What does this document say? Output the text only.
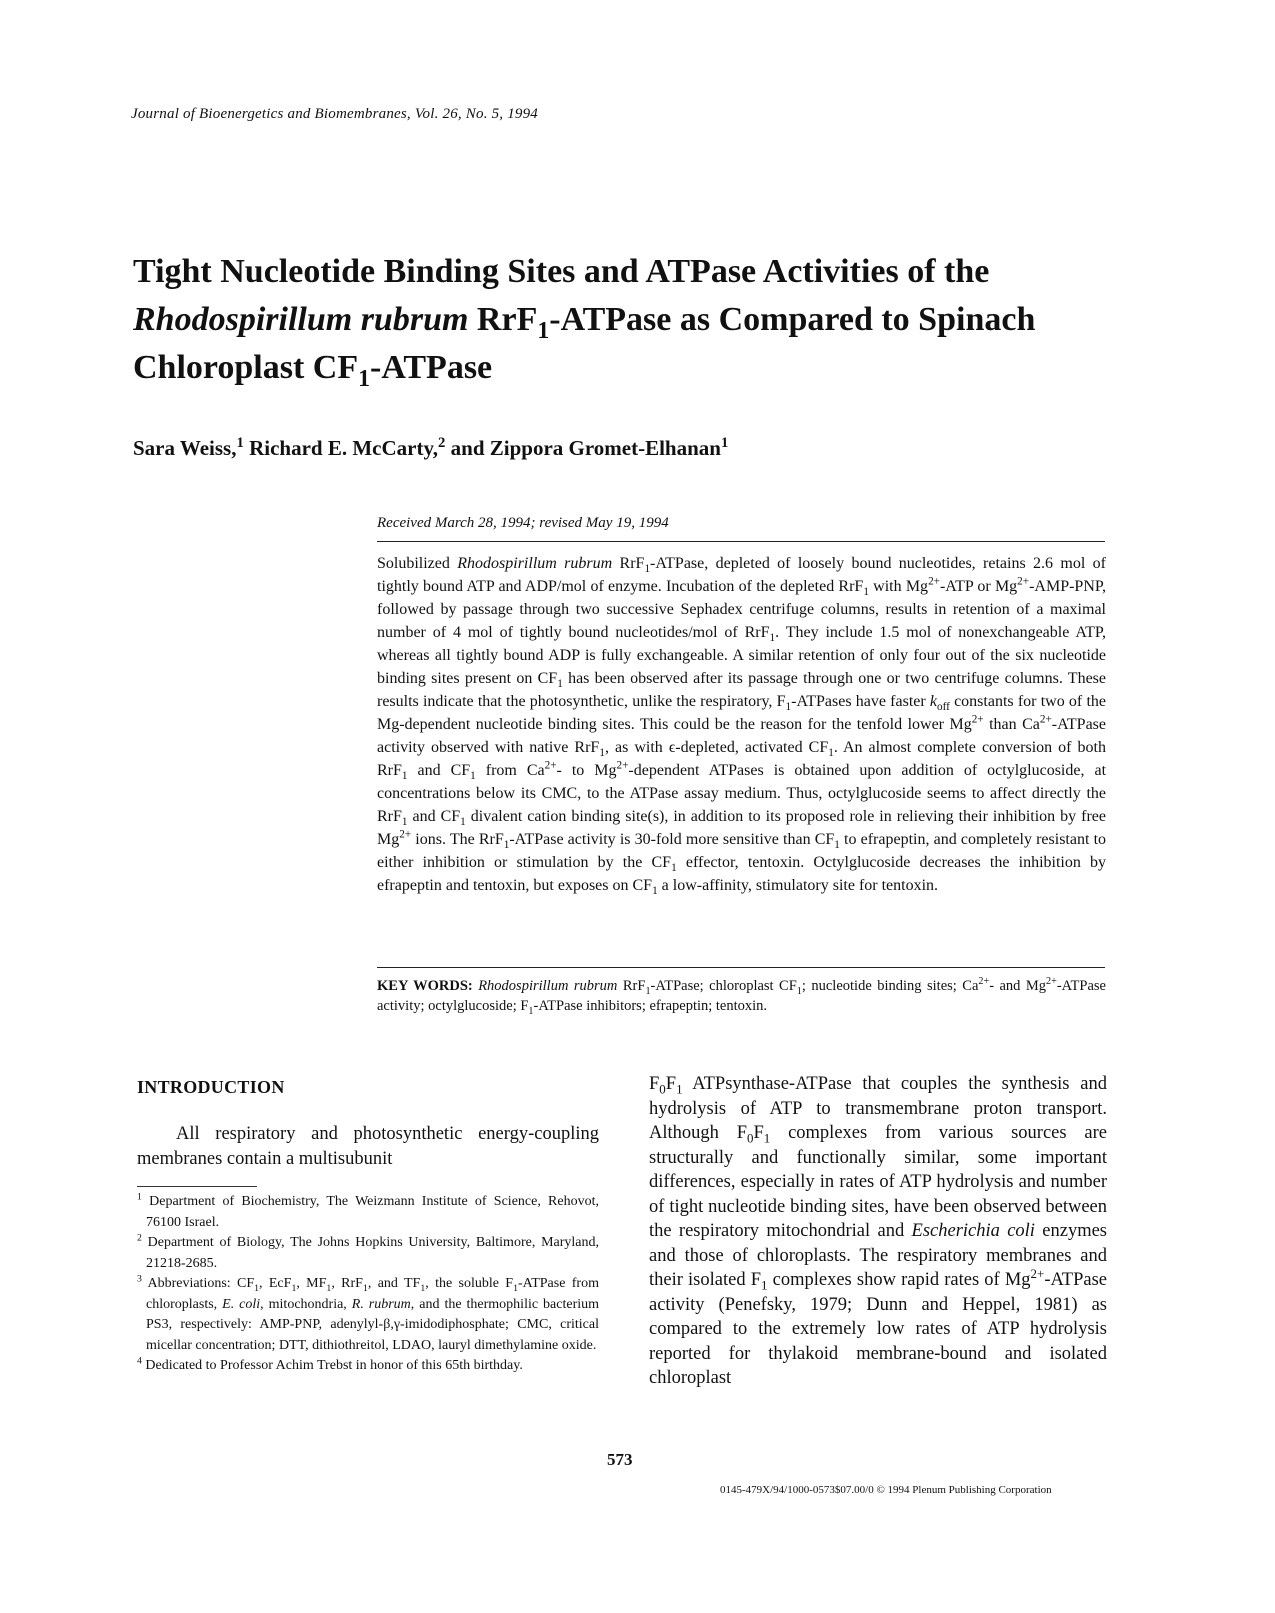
Journal of Bioenergetics and Biomembranes, Vol. 26, No. 5, 1994
Tight Nucleotide Binding Sites and ATPase Activities of the
Rhodospirillum rubrum RrF$_1$-ATPase as Compared to Spinach
Chloroplast $CF_1$-ATPase
Sara Weiss,$^1$ Richard E. McCarty,$^2$ and Zippora Gromet-Elhanan$^1$
Received March 28, 1994; revised May 19, 1994

Solubilized Rhodospirillum rubrum RrF$_1$-ATPase, depleted of loosely bound nucleotides, retains 2.6 mol of tightly bound ATP and ADP/mol of enzyme. Incubation of the depleted RrF$_1$ with $Mg^{2+}$-ATP or $Mg^{2+}-AMP$-PNP, followed by passage through two successive Sephadex centrifuge columns, results in retention of a maximal number of 4 mol of tightly bound nucleotides/mol of RrF$_1$. They include 1.5 mol of nonexchangeable ATP, whereas all tightly bound ADP is fully exchangeable. A similar retention of only four out of the six nucleotide binding sites present on $CF_1$ has been observed after its passage through one or two centrifuge columns. These results indicate that the photosynthetic, unlike the respiratory, $F_1$-ATPases have faster $k_{off}$ constants for two of the Mg-dependent nucleotide binding sites. This could be the reason for the tenfold lower $Mg^{2+}$ than $Ca^{2+}$-ATPase activity observed with native RrF$_1$, as with ϵ-depleted, activated $CF_1$. An almost complete conversion of both RrF$_1$ and $CF_1$ from $Ca^{2+}-$ to $Mg^{2+}$-dependent ATPases is obtained upon addition of octylglucoside, at concentrations below its CMC, to the ATPase assay medium. Thus, octylglucoside seems to affect directly the RrF$_1$ and $CF_1$ divalent cation binding site(s), in addition to its proposed role in relieving their inhibition by free $Mg^{2+}$ ions. The RrF$_1$-ATPase activity is 30-fold more sensitive than $CF_1$ to efrapeptin, and completely resistant to either inhibition or stimulation by the $CF_1$ effector, tentoxin. Octylglucoside decreases the inhibition by efrapeptin and tentoxin, but exposes on $CF_1$ a low-affinity, stimulatory site for tentoxin.

KEY WORDS: Rhodospirillum rubrum RrF$_1$-ATPase; chloroplast $CF_1$; nucleotide binding sites; $Ca^{2+}-$ and $Mg^{2+}$-ATPase activity; octylglucoside; $F_1$-ATPase inhibitors; efrapeptin; tentoxin.
INTRODUCTION
All respiratory and photosynthetic energy-coupling membranes contain a multisubunit
$^1$ Department of Biochemistry, The Weizmann Institute of Science, Rehovot, 76100 Israel.
$^2$ Department of Biology, The Johns Hopkins University, Baltimore, Maryland, 21218-2685.
$^3$ Abbreviations: $CF_1$, EcF$_1$, $MF_1$, RrF$_1$, and $TF_1$, the soluble $F_1$-ATPase from chloroplasts, E. coli, mitochondria, R. rubrum, and the thermophilic bacterium PS3, respectively: AMP-PNP, adenylyl-β,γ-imidodiphosphate; CMC, critical micellar concentration; DTT, dithiothreitol, LDAO, lauryl dimethylamine oxide.
$^4$ Dedicated to Professor Achim Trebst in honor of this 65th birthday.
$F_0F_1$ ATPsynthase-ATPase that couples the synthesis and hydrolysis of ATP to transmembrane proton transport. Although $F_0F_1$ complexes from various sources are structurally and functionally similar, some important differences, especially in rates of ATP hydrolysis and number of tight nucleotide binding sites, have been observed between the respiratory mitochondrial and Escherichia coli enzymes and those of chloroplasts. The respiratory membranes and their isolated $F_1$ complexes show rapid rates of $Mg^{2+}$-ATPase activity (Penefsky, 1979; Dunn and Heppel, 1981) as compared to the extremely low rates of ATP hydrolysis reported for thylakoid membrane-bound and isolated chloroplast
573
0145-479X/94/1000-0573$07.00/0 © 1994 Plenum Publishing Corporation
